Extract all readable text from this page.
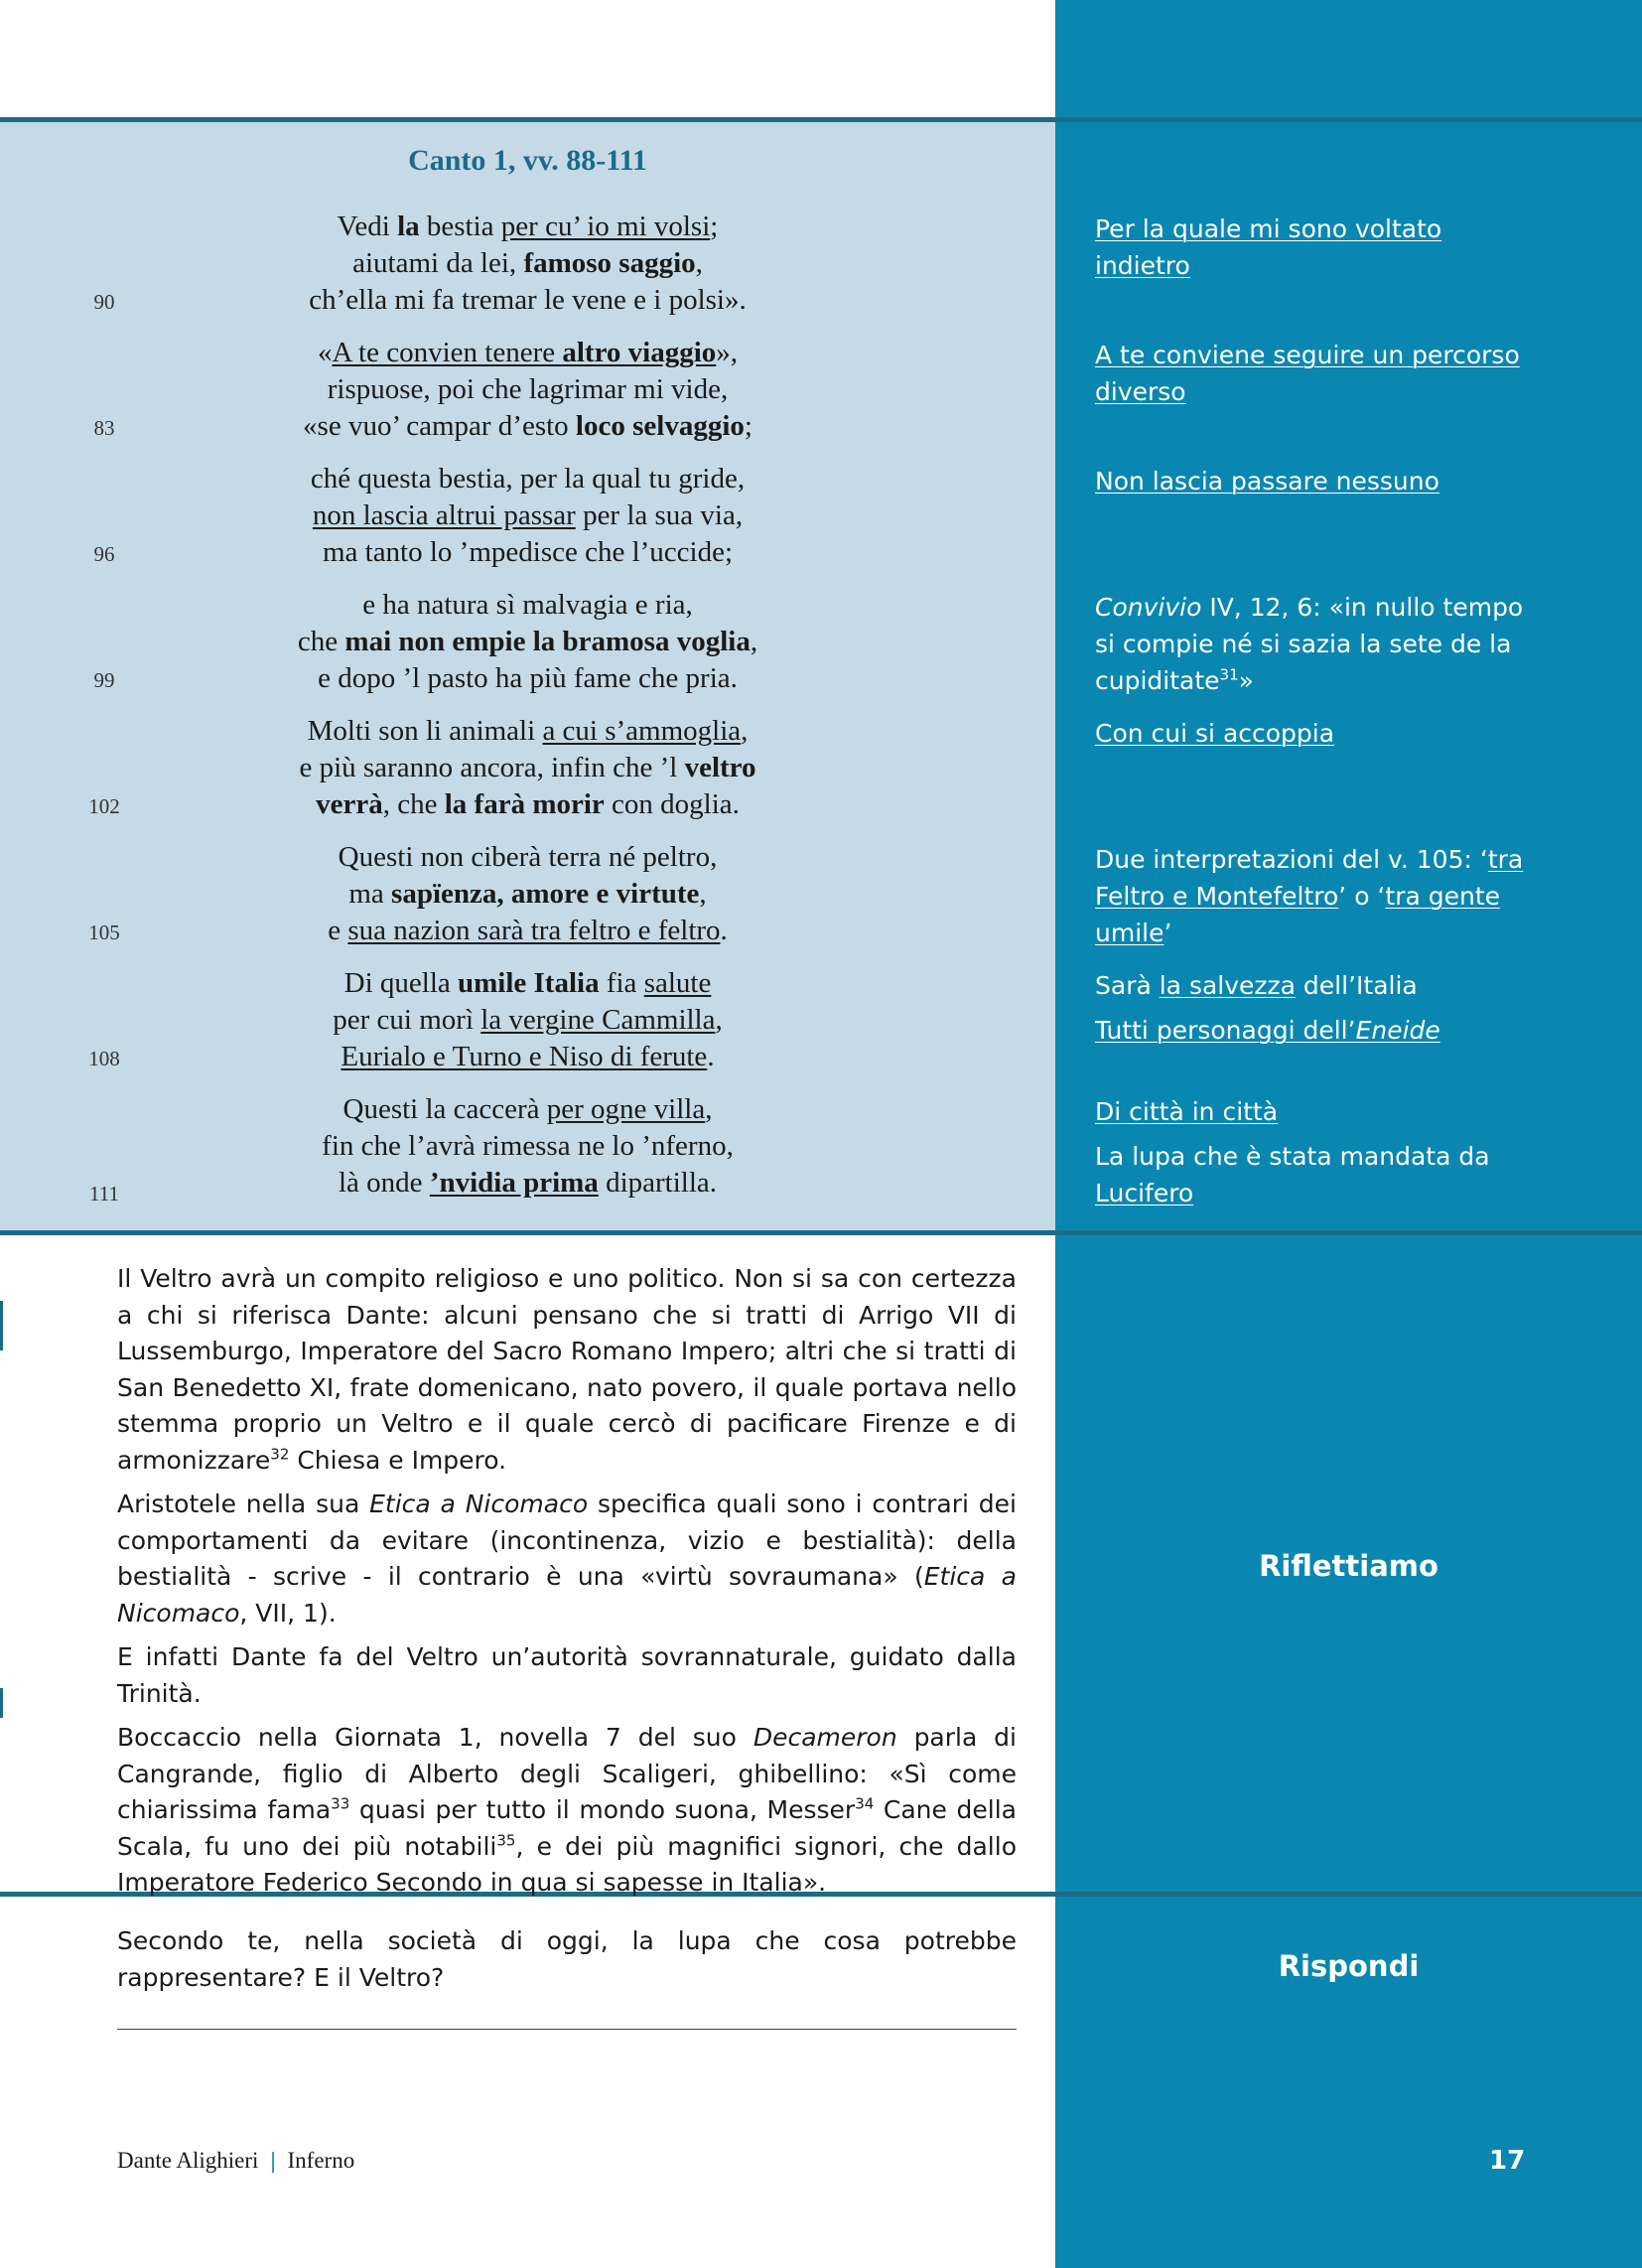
Canto 1, vv. 88-111
Vedi la bestia per cu’ io mi volsi;
aiutami da lei, famoso saggio,
ch’ella mi fa tremar le vene e i polsi».
«A te convien tenere altro viaggio»,
rispuose, poi che lagrimar mi vide,
«se vuo’ campar d’esto loco selvaggio;
ché questa bestia, per la qual tu gride,
non lascia altrui passar per la sua via,
ma tanto lo ’mpedisce che l’uccide;
e ha natura sì malvagia e ria,
che mai non empie la bramosa voglia,
e dopo ’l pasto ha più fame che pria.
Molti son li animali a cui s’ammoglia,
e più saranno ancora, infin che ’l veltro
verrà, che la farà morir con doglia.
Questi non ciberà terra né peltro,
ma sapïenza, amore e virtute,
e sua nazion sarà tra feltro e feltro.
Di quella umile Italia fia salute
per cui morì la vergine Cammilla,
Eurialo e Turno e Niso di ferute.
Questi la caccerà per ogne villa,
fin che l’avrà rimessa ne lo ’nferno,
là onde ’nvidia prima dipartilla.
90
83
96
99
102
105
108
111
Per la quale mi sono voltato indietro
A te conviene seguire un percorso diverso
Non lascia passare nessuno
Convivio IV, 12, 6: «in nullo tempo si compie né si sazia la sete de la cupiditate$^{31}$»
Con cui si accoppia
Due interpretazioni del v. 105: ‘tra Feltro e Montefeltro’ o ‘tra gente umile’
Sarà la salvezza dell’Italia
Tutti personaggi dell’Eneide
Di città in città
La lupa che è stata mandata da Lucifero

Il Veltro avrà un compito religioso e uno politico. Non si sa con certezza a chi si riferisca Dante: alcuni pensano che si tratti di Arrigo VII di Lussemburgo, Imperatore del Sacro Romano Impero; altri che si tratti di San Benedetto XI, frate domenicano, nato povero, il quale portava nello stemma proprio un Veltro e il quale cercò di pacificare Firenze e di armonizzare$^{32}$ Chiesa e Impero.

Aristotele nella sua Etica a Nicomaco specifica quali sono i contrari dei comportamenti da evitare (incontinenza, vizio e bestialità): della bestialità - scrive - il contrario è una «virtù sovraumana» (Etica a Nicomaco, VII, 1).

E infatti Dante fa del Veltro un’autorità sovrannaturale, guidato dalla Trinità.

Boccaccio nella Giornata 1, novella 7 del suo Decameron parla di Cangrande, figlio di Alberto degli Scaligeri, ghibellino: «Sì come chiarissima fama$^{33}$ quasi per tutto il mondo suona, Messer$^{34}$ Cane della Scala, fu uno dei più notabili$^{35}$, e dei più magnifici signori, che dallo Imperatore Federico Secondo in qua si sapesse in Italia».

Riflettiamo

Secondo te, nella società di oggi, la lupa che cosa potrebbe rappresentare? E il Veltro?	Rispondi
Dante Alighieri | Inferno	17
